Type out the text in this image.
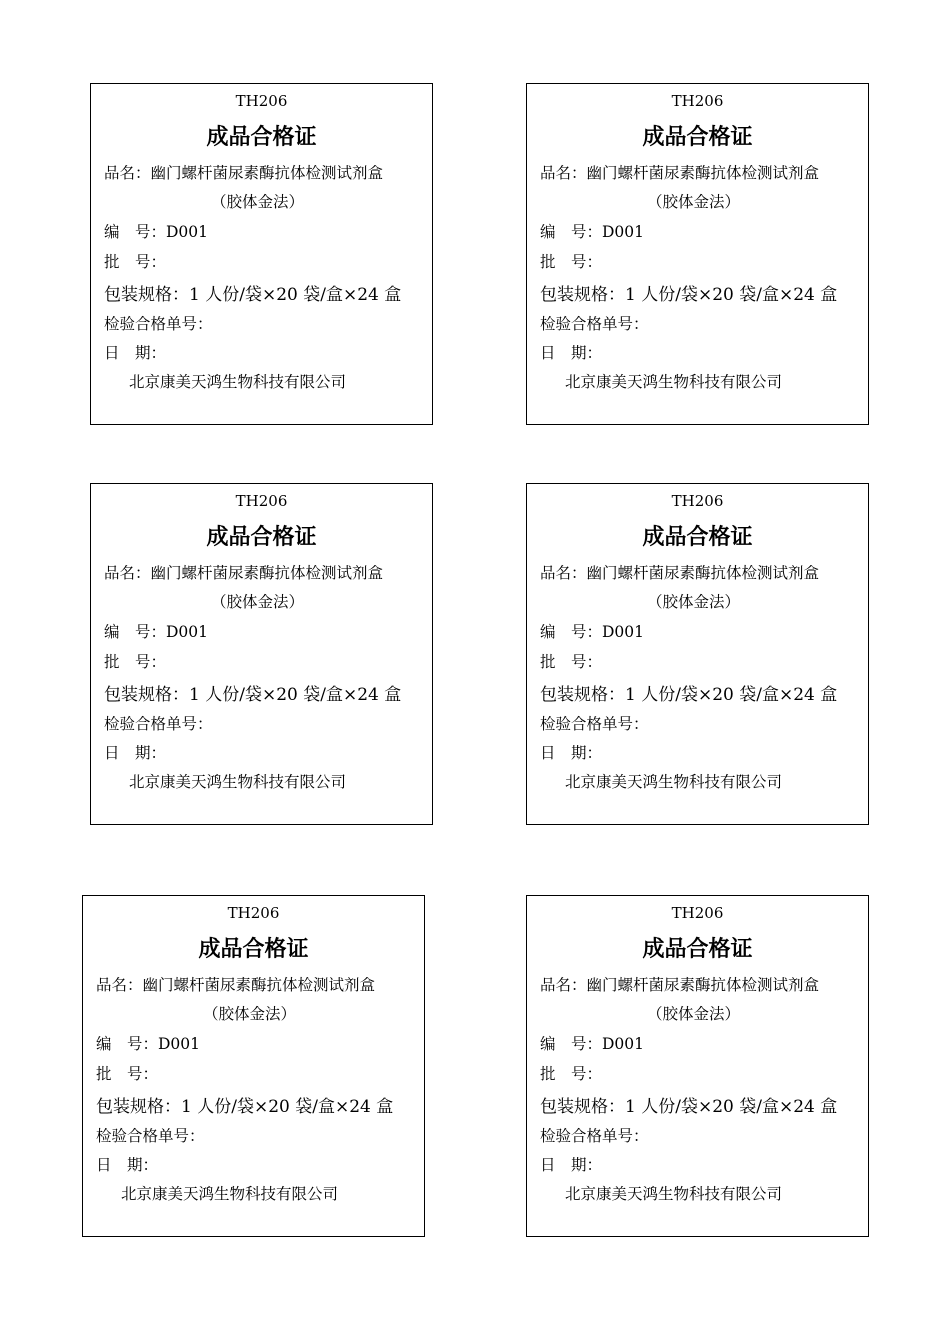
TH206
成品合格证
品名：幽门螺杆菌尿素酶抗体检测试剂盒
（胶体金法）
编　号：D001
批　号：
包装规格：1 人份/袋×20 袋/盒×24 盒
检验合格单号：
日　期：
北京康美天鸿生物科技有限公司
TH206
成品合格证
品名：幽门螺杆菌尿素酶抗体检测试剂盒
（胶体金法）
编　号：D001
批　号：
包装规格：1 人份/袋×20 袋/盒×24 盒
检验合格单号：
日　期：
北京康美天鸿生物科技有限公司
TH206
成品合格证
品名：幽门螺杆菌尿素酶抗体检测试剂盒
（胶体金法）
编　号：D001
批　号：
包装规格：1 人份/袋×20 袋/盒×24 盒
检验合格单号：
日　期：
北京康美天鸿生物科技有限公司
TH206
成品合格证
品名：幽门螺杆菌尿素酶抗体检测试剂盒
（胶体金法）
编　号：D001
批　号：
包装规格：1 人份/袋×20 袋/盒×24 盒
检验合格单号：
日　期：
北京康美天鸿生物科技有限公司
TH206
成品合格证
品名：幽门螺杆菌尿素酶抗体检测试剂盒
（胶体金法）
编　号：D001
批　号：
包装规格：1 人份/袋×20 袋/盒×24 盒
检验合格单号：
日　期：
北京康美天鸿生物科技有限公司
TH206
成品合格证
品名：幽门螺杆菌尿素酶抗体检测试剂盒
（胶体金法）
编　号：D001
批　号：
包装规格：1 人份/袋×20 袋/盒×24 盒
检验合格单号：
日　期：
北京康美天鸿生物科技有限公司
